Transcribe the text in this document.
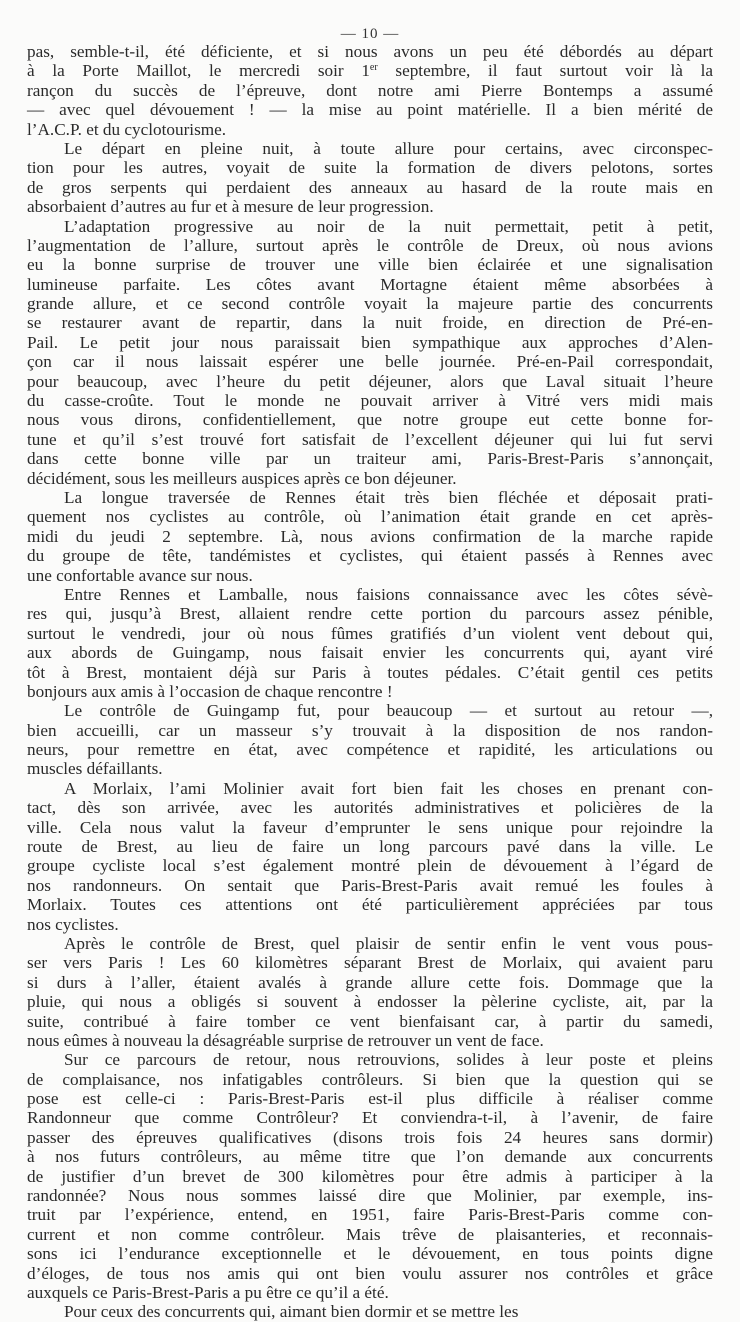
— 10 —
pas, semble-t-il, été déficiente, et si nous avons un peu été débordés au départ
à la Porte Maillot, le mercredi soir 1er septembre, il faut surtout voir là la
rançon du succès de l’épreuve, dont notre ami Pierre Bontemps a assumé
— avec quel dévouement ! — la mise au point matérielle. Il a bien mérité de
l’A.C.P. et du cyclotourisme.
Le départ en pleine nuit, à toute allure pour certains, avec circonspec-
tion pour les autres, voyait de suite la formation de divers pelotons, sortes
de gros serpents qui perdaient des anneaux au hasard de la route mais en
absorbaient d’autres au fur et à mesure de leur progression.
L’adaptation progressive au noir de la nuit permettait, petit à petit,
l’augmentation de l’allure, surtout après le contrôle de Dreux, où nous avions
eu la bonne surprise de trouver une ville bien éclairée et une signalisation
lumineuse parfaite. Les côtes avant Mortagne étaient même absorbées à
grande allure, et ce second contrôle voyait la majeure partie des concurrents
se restaurer avant de repartir, dans la nuit froide, en direction de Pré-en-
Pail. Le petit jour nous paraissait bien sympathique aux approches d’Alen-
çon car il nous laissait espérer une belle journée. Pré-en-Pail correspondait,
pour beaucoup, avec l’heure du petit déjeuner, alors que Laval situait l’heure
du casse-croûte. Tout le monde ne pouvait arriver à Vitré vers midi mais
nous vous dirons, confidentiellement, que notre groupe eut cette bonne for-
tune et qu’il s’est trouvé fort satisfait de l’excellent déjeuner qui lui fut servi
dans cette bonne ville par un traiteur ami, Paris-Brest-Paris s’annonçait,
décidément, sous les meilleurs auspices après ce bon déjeuner.
La longue traversée de Rennes était très bien fléchée et déposait prati-
quement nos cyclistes au contrôle, où l’animation était grande en cet après-
midi du jeudi 2 septembre. Là, nous avions confirmation de la marche rapide
du groupe de tête, tandémistes et cyclistes, qui étaient passés à Rennes avec
une confortable avance sur nous.
Entre Rennes et Lamballe, nous faisions connaissance avec les côtes sévè-
res qui, jusqu’à Brest, allaient rendre cette portion du parcours assez pénible,
surtout le vendredi, jour où nous fûmes gratifiés d’un violent vent debout qui,
aux abords de Guingamp, nous faisait envier les concurrents qui, ayant viré
tôt à Brest, montaient déjà sur Paris à toutes pédales. C’était gentil ces petits
bonjours aux amis à l’occasion de chaque rencontre !
Le contrôle de Guingamp fut, pour beaucoup — et surtout au retour —,
bien accueilli, car un masseur s’y trouvait à la disposition de nos randon-
neurs, pour remettre en état, avec compétence et rapidité, les articulations ou
muscles défaillants.
A Morlaix, l’ami Molinier avait fort bien fait les choses en prenant con-
tact, dès son arrivée, avec les autorités administratives et policières de la
ville. Cela nous valut la faveur d’emprunter le sens unique pour rejoindre la
route de Brest, au lieu de faire un long parcours pavé dans la ville. Le
groupe cycliste local s’est également montré plein de dévouement à l’égard de
nos randonneurs. On sentait que Paris-Brest-Paris avait remué les foules à
Morlaix. Toutes ces attentions ont été particulièrement appréciées par tous
nos cyclistes.
Après le contrôle de Brest, quel plaisir de sentir enfin le vent vous pous-
ser vers Paris ! Les 60 kilomètres séparant Brest de Morlaix, qui avaient paru
si durs à l’aller, étaient avalés à grande allure cette fois. Dommage que la
pluie, qui nous a obligés si souvent à endosser la pèlerine cycliste, ait, par la
suite, contribué à faire tomber ce vent bienfaisant car, à partir du samedi,
nous eûmes à nouveau la désagréable surprise de retrouver un vent de face.
Sur ce parcours de retour, nous retrouvions, solides à leur poste et pleins
de complaisance, nos infatigables contrôleurs. Si bien que la question qui se
pose est celle-ci : Paris-Brest-Paris est-il plus difficile à réaliser comme
Randonneur que comme Contrôleur? Et conviendra-t-il, à l’avenir, de faire
passer des épreuves qualificatives (disons trois fois 24 heures sans dormir)
à nos futurs contrôleurs, au même titre que l’on demande aux concurrents
de justifier d’un brevet de 300 kilomètres pour être admis à participer à la
randonnée? Nous nous sommes laissé dire que Molinier, par exemple, ins-
truit par l’expérience, entend, en 1951, faire Paris-Brest-Paris comme con-
current et non comme contrôleur. Mais trêve de plaisanteries, et reconnais-
sons ici l’endurance exceptionnelle et le dévouement, en tous points digne
d’éloges, de tous nos amis qui ont bien voulu assurer nos contrôles et grâce
auxquels ce Paris-Brest-Paris a pu être ce qu’il a été.
Pour ceux des concurrents qui, aimant bien dormir et se mettre les
